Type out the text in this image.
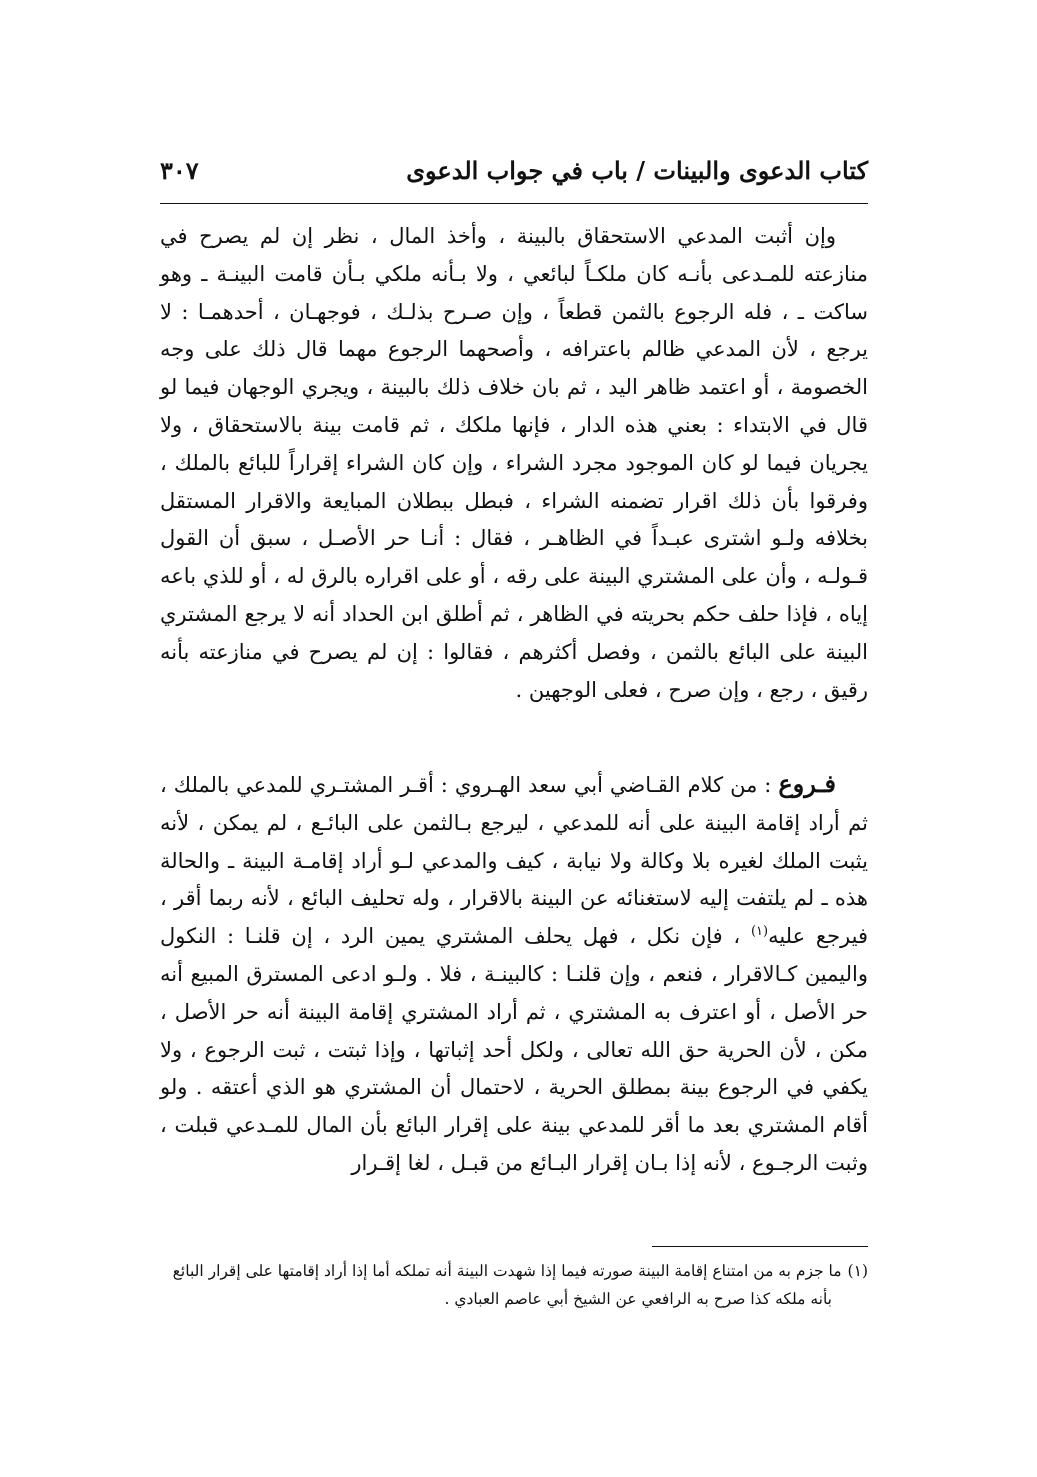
كتاب الدعوى والبينات / باب في جواب الدعوى
٣٠٧
وإن أثبت المدعي الاستحقاق بالبينة ، وأخذ المال ، نظر إن لم يصرح في منازعته للمـدعى بأنـه كان ملكـاً لبائعي ، ولا بـأنه ملكي بـأن قامت البينـة ـ وهو ساكت ـ ، فله الرجوع بالثمن قطعاً ، وإن صـرح بذلـك ، فوجهـان ، أحدهمـا : لا يرجع ، لأن المدعي ظالم باعترافه ، وأصحهما الرجوع مهما قال ذلك على وجه الخصومة ، أو اعتمد ظاهر اليد ، ثم بان خلاف ذلك بالبينة ، ويجري الوجهان فيما لو قال في الابتداء : بعني هذه الدار ، فإنها ملكك ، ثم قامت بينة بالاستحقاق ، ولا يجريان فيما لو كان الموجود مجرد الشراء ، وإن كان الشراء إقراراً للبائع بالملك ، وفرقوا بأن ذلك اقرار تضمنه الشراء ، فبطل ببطلان المبايعة والاقرار المستقل بخلافه ولـو اشترى عبـداً في الظاهـر ، فقال : أنـا حر الأصـل ، سبق أن القول قـولـه ، وأن على المشتري البينة على رقه ، أو على اقراره بالرق له ، أو للذي باعه إياه ، فإذا حلف حكم بحريته في الظاهر ، ثم أطلق ابن الحداد أنه لا يرجع المشتري البينة على البائع بالثمن ، وفصل أكثرهم ، فقالوا : إن لم يصرح في منازعته بأنه رقيق ، رجع ، وإن صرح ، فعلى الوجهين .
فـروع : من كلام القـاضي أبي سعد الهـروي : أقـر المشتـري للمدعي بالملك ، ثم أراد إقامة البينة على أنه للمدعي ، ليرجع بـالثمن على البائـع ، لم يمكن ، لأنه يثبت الملك لغيره بلا وكالة ولا نيابة ، كيف والمدعي لـو أراد إقامـة البينة ـ والحالة هذه ـ لم يلتفت إليه لاستغنائه عن البينة بالاقرار ، وله تحليف البائع ، لأنه ربما أقر ، فيرجع عليه$^{(١)}$ ، فإن نكل ، فهل يحلف المشتري يمين الرد ، إن قلنـا : النكول واليمين كـالاقرار ، فنعم ، وإن قلنـا : كالبينـة ، فلا . ولـو ادعى المسترق المبيع أنه حر الأصل ، أو اعترف به المشتري ، ثم أراد المشتري إقامة البينة أنه حر الأصل ، مكن ، لأن الحرية حق الله تعالى ، ولكل أحد إثباتها ، وإذا ثبتت ، ثبت الرجوع ، ولا يكفي في الرجوع بينة بمطلق الحرية ، لاحتمال أن المشتري هو الذي أعتقه . ولو أقام المشتري بعد ما أقر للمدعي بينة على إقرار البائع بأن المال للمـدعي قبلت ، وثبت الرجـوع ، لأنه إذا بـان إقرار البـائع من قبـل ، لغا إقـرار
(١)ما جزم به من امتناع إقامة البينة صورته فيما إذا شهدت البينة أنه تملكه أما إذا أراد إقامتها على إقرار البائع
بأنه ملكه كذا صرح به الرافعي عن الشيخ أبي عاصم العبادي .
